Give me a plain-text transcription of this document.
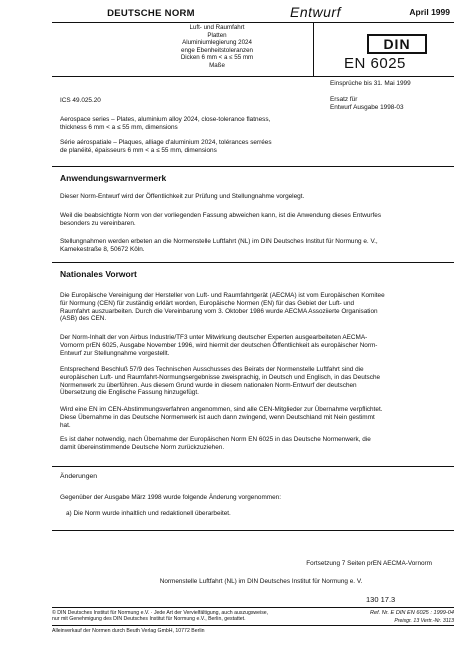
DEUTSCHE NORM	Entwurf	April 1999
Luft- und Raumfahrt
Platten
Aluminiumlegierung 2024
enge Ebenheitstoleranzen
Dicken 6 mm < a ≤ 55 mm
Maße
DIN
EN 6025
Einsprüche bis 31. Mai 1999
ICS 49.025.20	Ersatz für
Entwurf Ausgabe 1998-03
Aerospace series – Plates, aluminium alloy 2024, close-tolerance flatness,
thickness 6 mm < a ≤ 55 mm, dimensions
Série aérospatiale – Plaques, alliage d'aluminium 2024, tolérances serrées
de planéité, épaisseurs 6 mm < a ≤ 55 mm, dimensions
Anwendungswarnvermerk
Dieser Norm-Entwurf wird der Öffentlichkeit zur Prüfung und Stellungnahme vorgelegt.
Weil die beabsichtigte Norm von der vorliegenden Fassung abweichen kann, ist die Anwendung dieses Entwurfes
besonders zu vereinbaren.
Stellungnahmen werden erbeten an die Normenstelle Luftfahrt (NL) im DIN Deutsches Institut für Normung e. V.,
Kamekestraße 8, 50672 Köln.
Nationales Vorwort
Die Europäische Vereinigung der Hersteller von Luft- und Raumfahrtgerät (AECMA) ist vom Europäischen Komitee
für Normung (CEN) für zuständig erklärt worden, Europäische Normen (EN) für das Gebiet der Luft- und
Raumfahrt auszuarbeiten. Durch die Vereinbarung vom 3. Oktober 1986 wurde AECMA Assoziierte Organisation
(ASB) des CEN.
Der Norm-Inhalt der von Airbus Industrie/TF3 unter Mitwirkung deutscher Experten ausgearbeiteten AECMA-
Vornorm prEN 6025, Ausgabe November 1996, wird hiermit der deutschen Öffentlichkeit als europäischer Norm-
Entwurf zur Stellungnahme vorgestellt.
Entsprechend Beschluß 57/9 des Technischen Ausschusses des Beirats der Normenstelle Luftfahrt sind die
europäischen Luft- und Raumfahrt-Normungsergebnisse zweisprachig, in Deutsch und Englisch, in das Deutsche
Normenwerk zu überführen. Aus diesem Grund wurde in diesem nationalen Norm-Entwurf der deutschen
Übersetzung die Englische Fassung hinzugefügt.
Wird eine EN im CEN-Abstimmungsverfahren angenommen, sind alle CEN-Mitglieder zur Übernahme verpflichtet.
Diese Übernahme in das Deutsche Normenwerk ist auch dann zwingend, wenn Deutschland mit Nein gestimmt
hat.
Es ist daher notwendig, nach Übernahme der Europäischen Norm EN 6025 in das Deutsche Normenwerk, die
damit übereinstimmende Deutsche Norm zurückzuziehen.
Änderungen
Gegenüber der Ausgabe März 1998 wurde folgende Änderung vorgenommen:
a) Die Norm wurde inhaltlich und redaktionell überarbeitet.
Fortsetzung 7 Seiten prEN AECMA-Vornorm
Normenstelle Luftfahrt (NL) im DIN Deutsches Institut für Normung e. V.
130 17.3
© DIN Deutsches Institut für Normung e.V. · Jede Art der Vervielfältigung, auch auszugsweise,
nur mit Genehmigung des DIN Deutsches Institut für Normung e.V., Berlin, gestattet.
Ref. Nr. E DIN EN 6025 : 1999-04
Preisgr. 13 Vertr.-Nr. 3113
Alleinverkauf der Normen durch Beuth Verlag GmbH, 10772 Berlin
